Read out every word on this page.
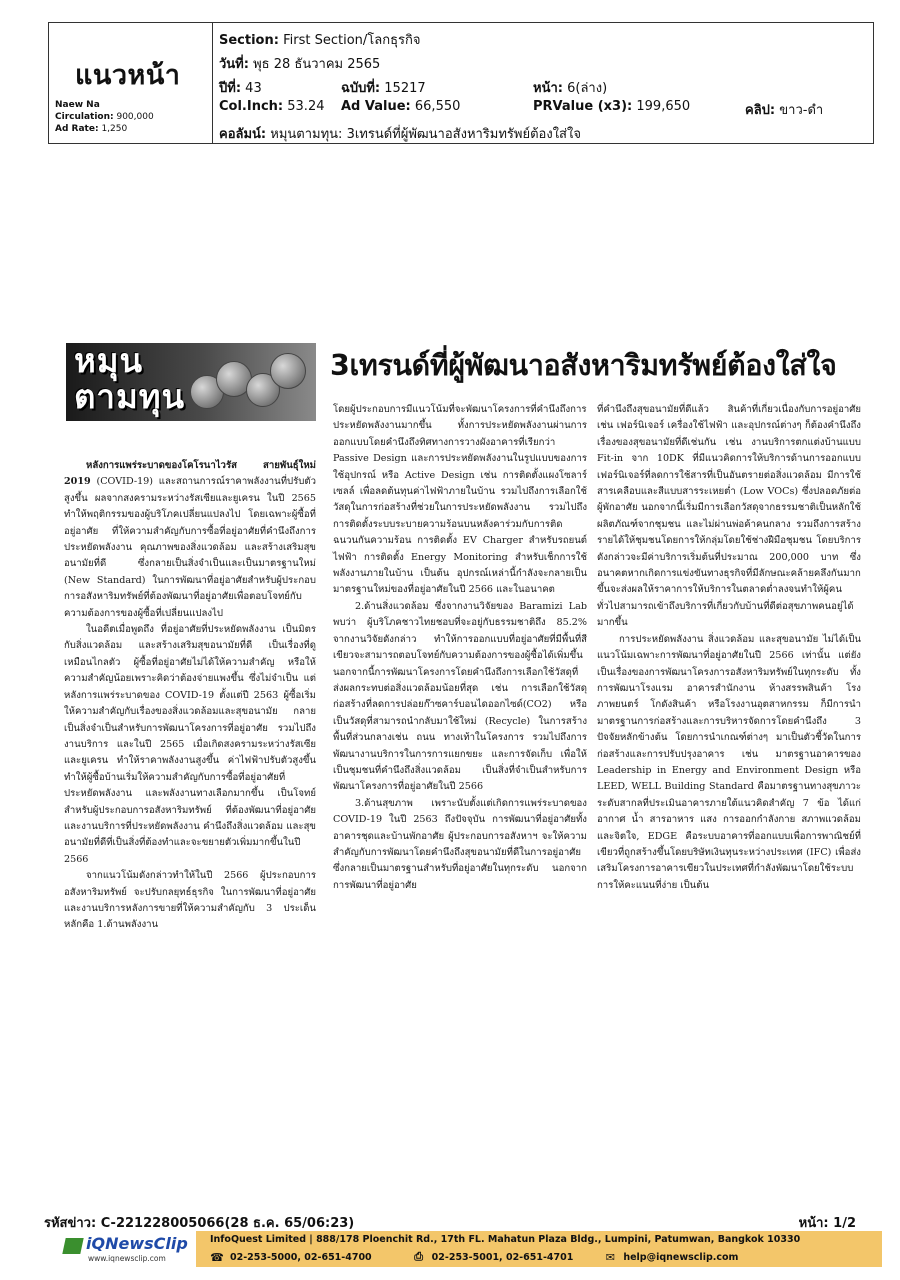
แนวหน้า
Naew Na
Circulation: 900,000
Ad Rate: 1,250
Section: First Section/โลกธุรกิจ
วันที่: พุธ 28 ธันวาคม 2565
ปีที่: 43	ฉบับที่: 15217	หน้า: 6(ล่าง)
Col.Inch: 53.24 Ad Value: 66,550	PRValue (x3): 199,650	คลิป: ขาว-ดำ
คอลัมน์: หมุนตามทุน: 3เทรนด์ที่ผู้พัฒนาอสังหาริมทรัพย์ต้องใส่ใจ
หมุน
ตามทุน
3เทรนด์ที่ผู้พัฒนาอสังหาริมทรัพย์ต้องใส่ใจ

หลังการแพร่ระบาดของโคโรนาไวรัส สายพันธุ์ใหม่ 2019 (COVID-19) และสถานการณ์ราคาพลังงานที่ปรับตัวสูงขึ้น ผลจากสงครามระหว่างรัสเซียและยูเครน ในปี 2565 ทำให้พฤติกรรมของผู้บริโภคเปลี่ยนแปลงไป โดยเฉพาะผู้ซื้อที่อยู่อาศัย ที่ให้ความสำคัญกับการซื้อที่อยู่อาศัยที่คำนึงถึงการประหยัดพลังงาน คุณภาพของสิ่งแวดล้อม และสร้างเสริมสุขอนามัยที่ดี ซึ่งกลายเป็นสิ่งจำเป็นและเป็นมาตรฐานใหม่ (New Standard) ในการพัฒนาที่อยู่อาศัยสำหรับผู้ประกอบการอสังหาริมทรัพย์ที่ต้องพัฒนาที่อยู่อาศัยเพื่อตอบโจทย์กับความต้องการของผู้ซื้อที่เปลี่ยนแปลงไป

ในอดีตเมื่อพูดถึง ที่อยู่อาศัยที่ประหยัดพลังงาน เป็นมิตรกับสิ่งแวดล้อม และสร้างเสริมสุขอนามัยที่ดี เป็นเรื่องที่ดูเหมือนไกลตัว ผู้ซื้อที่อยู่อาศัยไม่ได้ให้ความสำคัญ หรือให้ความสำคัญน้อยเพราะคิดว่าต้องจ่ายแพงขึ้น ซึ่งไม่จำเป็น แต่หลังการแพร่ระบาดของ COVID-19 ตั้งแต่ปี 2563 ผู้ซื้อเริ่มให้ความสำคัญกับเรื่องของสิ่งแวดล้อมและสุขอนามัย กลายเป็นสิ่งจำเป็นสำหรับการพัฒนาโครงการที่อยู่อาศัย รวมไปถึงงานบริการ และในปี 2565 เมื่อเกิดสงครามระหว่างรัสเซีย และยูเครน ทำให้ราคาพลังงานสูงขึ้น ค่าไฟฟ้าปรับตัวสูงขึ้น ทำให้ผู้ซื้อบ้านเริ่มให้ความสำคัญกับการซื้อที่อยู่อาศัยที่ประหยัดพลังงาน และพลังงานทางเลือกมากขึ้น เป็นโจทย์สำหรับผู้ประกอบการอสังหาริมทรัพย์ ที่ต้องพัฒนาที่อยู่อาศัยและงานบริการที่ประหยัดพลังงาน คำนึงถึงสิ่งแวดล้อม และสุขอนามัยที่ดีที่เป็นสิ่งที่ต้องทำและจะขยายตัวเพิ่มมากขึ้นในปี 2566

จากแนวโน้มดังกล่าวทำให้ในปี 2566 ผู้ประกอบการอสังหาริมทรัพย์ จะปรับกลยุทธ์ธุรกิจ ในการพัฒนาที่อยู่อาศัยและงานบริการหลังการขายที่ให้ความสำคัญกับ 3 ประเด็นหลักคือ 1.ด้านพลังงาน

โดยผู้ประกอบการมีแนวโน้มที่จะพัฒนาโครงการที่คำนึงถึงการประหยัดพลังงานมากขึ้น ทั้งการประหยัดพลังงานผ่านการออกแบบโดยคำนึงถึงทิศทางการวางผังอาคารที่เรียกว่า Passive Design และการประหยัดพลังงานในรูปแบบของการใช้อุปกรณ์ หรือ Active Design เช่น การติดตั้งแผงโซลาร์เซลล์ เพื่อลดต้นทุนค่าไฟฟ้าภายในบ้าน รวมไปถึงการเลือกใช้วัสดุในการก่อสร้างที่ช่วยในการประหยัดพลังงาน รวมไปถึงการติดตั้งระบบระบายความร้อนบนหลังคาร่วมกับการติดฉนวนกันความร้อน การติดตั้ง EV Charger สำหรับรถยนต์ไฟฟ้า การติดตั้ง Energy Monitoring สำหรับเช็กการใช้พลังงานภายในบ้าน เป็นต้น อุปกรณ์เหล่านี้กำลังจะกลายเป็นมาตรฐานใหม่ของที่อยู่อาศัยในปี 2566 และในอนาคต

2.ด้านสิ่งแวดล้อม ซึ่งจากงานวิจัยของ Baramizi Lab พบว่า ผู้บริโภคชาวไทยชอบที่จะอยู่กับธรรมชาติถึง 85.2% จากงานวิจัยดังกล่าว ทำให้การออกแบบที่อยู่อาศัยที่มีพื้นที่สีเขียวจะสามารถตอบโจทย์กับความต้องการของผู้ซื้อได้เพิ่มขึ้น นอกจากนี้การพัฒนาโครงการโดยคำนึงถึงการเลือกใช้วัสดุที่ส่งผลกระทบต่อสิ่งแวดล้อมน้อยที่สุด เช่น การเลือกใช้วัสดุก่อสร้างที่ลดการปล่อยก๊าซคาร์บอนไดออกไซด์(CO2) หรือเป็นวัสดุที่สามารถนำกลับมาใช้ใหม่ (Recycle) ในการสร้างพื้นที่ส่วนกลางเช่น ถนน ทางเท้าในโครงการ รวมไปถึงการพัฒนางานบริการในการการแยกขยะ และการจัดเก็บ เพื่อให้เป็นชุมชนที่คำนึงถึงสิ่งแวดล้อม เป็นสิ่งที่จำเป็นสำหรับการพัฒนาโครงการที่อยู่อาศัยในปี 2566

3.ด้านสุขภาพ เพราะนับตั้งแต่เกิดการแพร่ระบาดของ COVID-19 ในปี 2563 ถึงปัจจุบัน การพัฒนาที่อยู่อาศัยทั้งอาคารชุดและบ้านพักอาศัย ผู้ประกอบการอสังหาฯ จะให้ความสำคัญกับการพัฒนาโดยคำนึงถึงสุขอนามัยที่ดีในการอยู่อาศัย ซึ่งกลายเป็นมาตรฐานสำหรับที่อยู่อาศัยในทุกระดับ นอกจากการพัฒนาที่อยู่อาศัย

ที่คำนึงถึงสุขอนามัยที่ดีแล้ว สินค้าที่เกี่ยวเนื่องกับการอยู่อาศัย เช่น เฟอร์นิเจอร์ เครื่องใช้ไฟฟ้า และอุปกรณ์ต่างๆ ก็ต้องคำนึงถึงเรื่องของสุขอนามัยที่ดีเช่นกัน เช่น งานบริการตกแต่งบ้านแบบ Fit-in จาก 10DK ที่มีแนวคิดการให้บริการด้านการออกแบบเฟอร์นิเจอร์ที่ลดการใช้สารที่เป็นอันตรายต่อสิ่งแวดล้อม มีการใช้สารเคลือบและสีแบบสารระเหยต่ำ (Low VOCs) ซึ่งปลอดภัยต่อผู้พักอาศัย นอกจากนี้เริ่มมีการเลือกวัสดุจากธรรมชาติเป็นหลักใช้ผลิตภัณฑ์จากชุมชน และไม่ผ่านพ่อค้าคนกลาง รวมถึงการสร้างรายได้ให้ชุมชนโดยการให้กลุ่มโดยใช้ช่างฝีมือชุมชน โดยบริการดังกล่าวจะมีค่าบริการเริ่มต้นที่ประมาณ 200,000 บาท ซึ่งอนาคตหากเกิดการแข่งขันทางธุรกิจที่มีลักษณะคล้ายคลึงกันมากขึ้นจะส่งผลให้ราคาการให้บริการในตลาดต่ำลงจนทำให้ผู้คนทั่วไปสามารถเข้าถึงบริการที่เกี่ยวกับบ้านที่ดีต่อสุขภาพคนอยู่ได้มากขึ้น

การประหยัดพลังงาน สิ่งแวดล้อม และสุขอนามัย ไม่ได้เป็นแนวโน้มเฉพาะการพัฒนาที่อยู่อาศัยในปี 2566 เท่านั้น แต่ยังเป็นเรื่องของการพัฒนาโครงการอสังหาริมทรัพย์ในทุกระดับ ทั้งการพัฒนาโรงแรม อาคารสำนักงาน ห้างสรรพสินค้า โรงภาพยนตร์ โกดังสินค้า หรือโรงงานอุตสาหกรรม ก็มีการนำมาตรฐานการก่อสร้างและการบริหารจัดการโดยคำนึงถึง 3 ปัจจัยหลักข้างต้น โดยการนำเกณฑ์ต่างๆ มาเป็นตัวชี้วัดในการก่อสร้างและการปรับปรุงอาคาร เช่น มาตรฐานอาคารของ Leadership in Energy and Environment Design หรือ LEED, WELL Building Standard คือมาตรฐานทางสุขภาวะระดับสากลที่ประเมินอาคารภายใต้แนวคิดสำคัญ 7 ข้อ ได้แก่ อากาศ น้ำ สารอาหาร แสง การออกกำลังกาย สภาพแวดล้อม และจิตใจ, EDGE คือระบบอาคารที่ออกแบบเพื่อการพาณิชย์ที่เขียวที่ถูกสร้างขึ้นโดยบริษัทเงินทุนระหว่างประเทศ (IFC) เพื่อส่งเสริมโครงการอาคารเขียวในประเทศที่กำลังพัฒนาโดยใช้ระบบการให้คะแนนที่ง่าย เป็นต้น

รหัสข่าว: C-221228005066(28 ธ.ค. 65/06:23)	หน้า: 1/2
iQNewsClip
www.iqnewsclip.com
InfoQuest Limited | 888/178 Ploenchit Rd., 17th FL. Mahatun Plaza Bldg., Lumpini, Patumwan, Bangkok 10330
☎ 02-253-5000, 02-651-4700	⎙ 02-253-5001, 02-651-4701	✉ help@iqnewsclip.com
